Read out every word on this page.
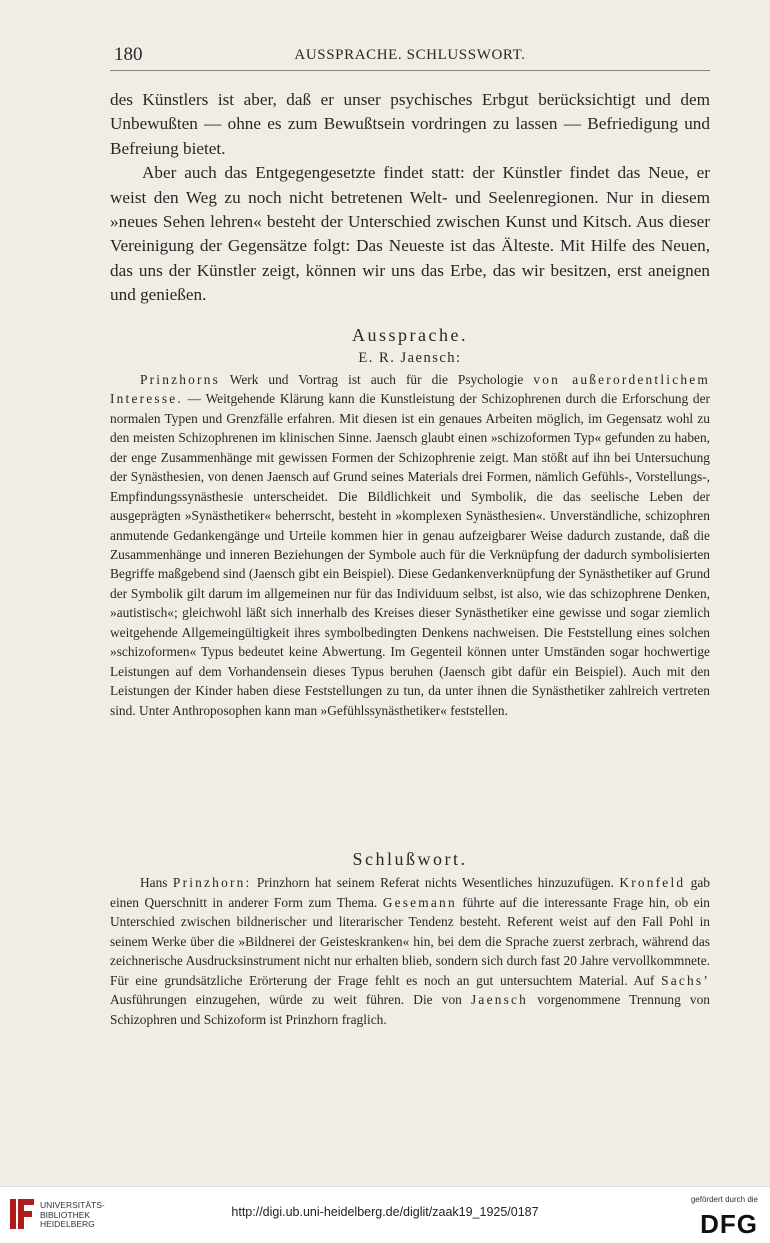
180	AUSSPRACHE. SCHLUSSWORT.

des Künstlers ist aber, daß er unser psychisches Erbgut berücksichtigt und dem Unbewußten — ohne es zum Bewußtsein vordringen zu lassen — Befriedigung und Befreiung bietet.

Aber auch das Entgegengesetzte findet statt: der Künstler findet das Neue, er weist den Weg zu noch nicht betretenen Welt- und Seelenregionen. Nur in diesem »neues Sehen lehren« besteht der Unterschied zwischen Kunst und Kitsch. Aus dieser Vereinigung der Gegensätze folgt: Das Neueste ist das Älteste. Mit Hilfe des Neuen, das uns der Künstler zeigt, können wir uns das Erbe, das wir besitzen, erst aneignen und genießen.

Aussprache.
E. R. Jaensch:

Prinzhorns Werk und Vortrag ist auch für die Psychologie von außerordentlichem Interesse. — Weitgehende Klärung kann die Kunstleistung der Schizophrenen durch die Erforschung der normalen Typen und Grenzfälle erfahren. Mit diesen ist ein genaues Arbeiten möglich, im Gegensatz wohl zu den meisten Schizophrenen im klinischen Sinne. Jaensch glaubt einen »schizoformen Typ« gefunden zu haben, der enge Zusammenhänge mit gewissen Formen der Schizophrenie zeigt. Man stößt auf ihn bei Untersuchung der Synästhesien, von denen Jaensch auf Grund seines Materials drei Formen, nämlich Gefühls-, Vorstellungs-, Empfindungssynästhesie unterscheidet. Die Bildlichkeit und Symbolik, die das seelische Leben der ausgeprägten »Synästhetiker« beherrscht, besteht in »komplexen Synästhesien«. Unverständliche, schizophren anmutende Gedankengänge und Urteile kommen hier in genau aufzeigbarer Weise dadurch zustande, daß die Zusammenhänge und inneren Beziehungen der Symbole auch für die Verknüpfung der dadurch symbolisierten Begriffe maßgebend sind (Jaensch gibt ein Beispiel). Diese Gedankenverknüpfung der Synästhetiker auf Grund der Symbolik gilt darum im allgemeinen nur für das Individuum selbst, ist also, wie das schizophrene Denken, »autistisch«; gleichwohl läßt sich innerhalb des Kreises dieser Synästhetiker eine gewisse und sogar ziemlich weitgehende Allgemeingültigkeit ihres symbolbedingten Denkens nachweisen. Die Feststellung eines solchen »schizoformen« Typus bedeutet keine Abwertung. Im Gegenteil können unter Umständen sogar hochwertige Leistungen auf dem Vorhandensein dieses Typus beruhen (Jaensch gibt dafür ein Beispiel). Auch mit den Leistungen der Kinder haben diese Feststellungen zu tun, da unter ihnen die Synästhetiker zahlreich vertreten sind. Unter Anthroposophen kann man »Gefühlssynästhetiker« feststellen.

Schlußwort.

Hans Prinzhorn: Prinzhorn hat seinem Referat nichts Wesentliches hinzuzufügen. Kronfeld gab einen Querschnitt in anderer Form zum Thema. Gesemann führte auf die interessante Frage hin, ob ein Unterschied zwischen bildnerischer und literarischer Tendenz besteht. Referent weist auf den Fall Pohl in seinem Werke über die »Bildnerei der Geisteskranken« hin, bei dem die Sprache zuerst zerbrach, während das zeichnerische Ausdrucksinstrument nicht nur erhalten blieb, sondern sich durch fast 20 Jahre vervollkommnete. Für eine grundsätzliche Erörterung der Frage fehlt es noch an gut untersuchtem Material. Auf Sachs’ Ausführungen einzugehen, würde zu weit führen. Die von Jaensch vorgenommene Trennung von Schizophren und Schizoform ist Prinzhorn fraglich.

UNIVERSITÄTS-
BIBLIOTHEK
HEIDELBERG
http://digi.ub.uni-heidelberg.de/diglit/zaak19_1925/0187
gefördert durch die
DFG
